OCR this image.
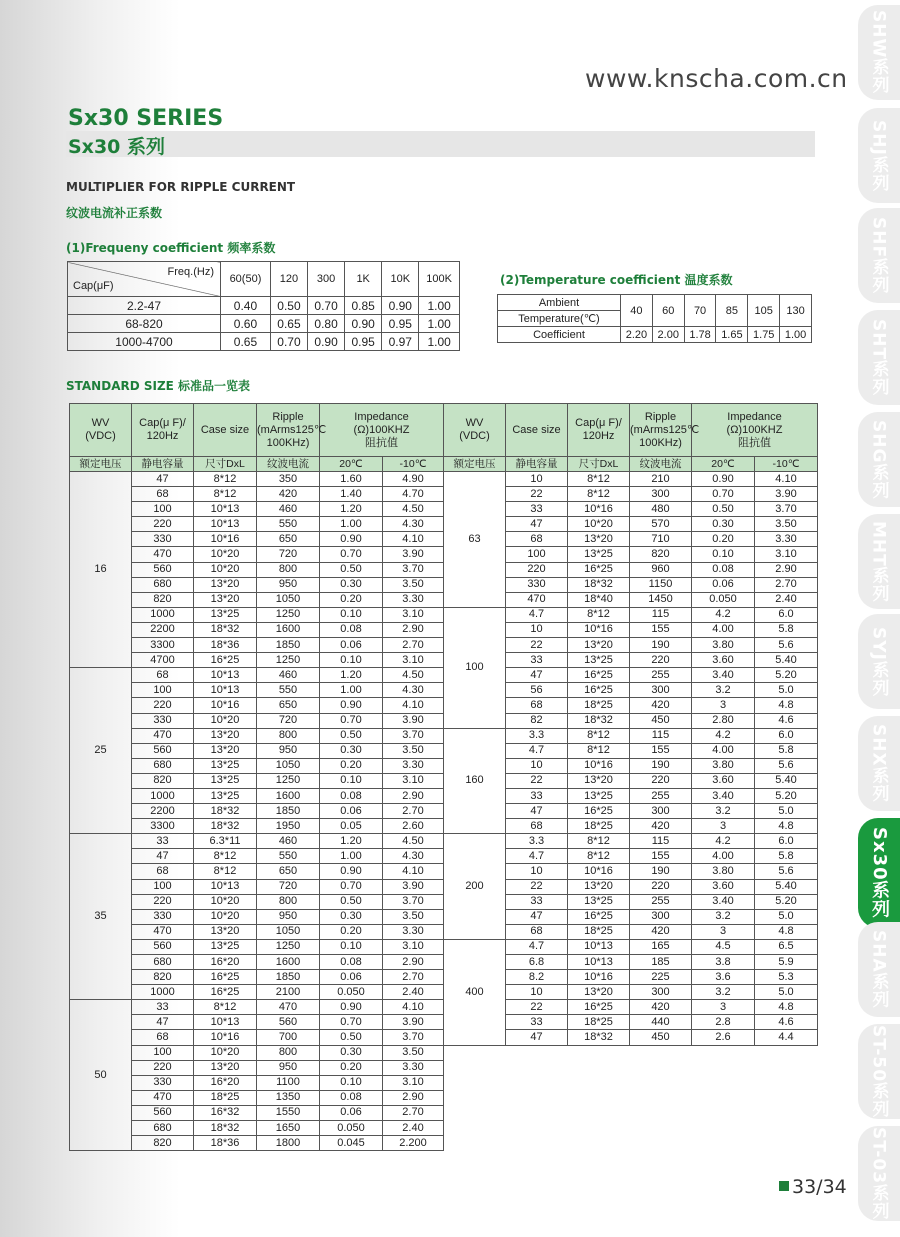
www.knscha.com.cn
Sx30 SERIES
Sx30 系列
MULTIPLIER FOR RIPPLE CURRENT
纹波电流补正系数
(1)Frequeny coefficient 频率系数
Freq.(Hz)
Cap(μF)	60(50)	120	300	1K	10K	100K
2.2-47	0.40	0.50	0.70	0.85	0.90	1.00
68-820	0.60	0.65	0.80	0.90	0.95	1.00
1000-4700	0.65	0.70	0.90	0.95	0.97	1.00
(2)Temperature coefficient 温度系数
Ambient	40	60	70	85	105	130
Temperature(℃)						
Coefficient	2.20	2.00	1.78	1.65	1.75	1.00
STANDARD SIZE 标准品一览表
WV
(VDC)	Cap(μ F)/
120Hz	Case size	Ripple
(mArms125℃
100KHz)	Impedance
(Ω)100KHZ
阻抗值		WV
(VDC)	Case size	Cap(μ F)/
120Hz	Ripple
(mArms125℃
100KHz)	Impedance
(Ω)100KHZ
阻抗值	
额定电压	静电容量	尺寸DxL	纹波电流	20℃	-10℃	额定电压	静电容量	尺寸DxL	纹波电流	20℃	-10℃
16	47	8*12	350	1.60	4.90	63	10	8*12	210	0.90	4.10
	68	8*12	420	1.40	4.70		22	8*12	300	0.70	3.90
	100	10*13	460	1.20	4.50		33	10*16	480	0.50	3.70
	220	10*13	550	1.00	4.30		47	10*20	570	0.30	3.50
	330	10*16	650	0.90	4.10		68	13*20	710	0.20	3.30
	470	10*20	720	0.70	3.90		100	13*25	820	0.10	3.10
	560	10*20	800	0.50	3.70		220	16*25	960	0.08	2.90
	680	13*20	950	0.30	3.50		330	18*32	1150	0.06	2.70
	820	13*20	1050	0.20	3.30		470	18*40	1450	0.050	2.40
	1000	13*25	1250	0.10	3.10	100	4.7	8*12	115	4.2	6.0
	2200	18*32	1600	0.08	2.90		10	10*16	155	4.00	5.8
	3300	18*36	1850	0.06	2.70		22	13*20	190	3.80	5.6
	4700	16*25	1250	0.10	3.10		33	13*25	220	3.60	5.40
25	68	10*13	460	1.20	4.50		47	16*25	255	3.40	5.20
	100	10*13	550	1.00	4.30		56	16*25	300	3.2	5.0
	220	10*16	650	0.90	4.10		68	18*25	420	3	4.8
	330	10*20	720	0.70	3.90		82	18*32	450	2.80	4.6
	470	13*20	800	0.50	3.70	160	3.3	8*12	115	4.2	6.0
	560	13*20	950	0.30	3.50		4.7	8*12	155	4.00	5.8
	680	13*25	1050	0.20	3.30		10	10*16	190	3.80	5.6
	820	13*25	1250	0.10	3.10		22	13*20	220	3.60	5.40
	1000	13*25	1600	0.08	2.90		33	13*25	255	3.40	5.20
	2200	18*32	1850	0.06	2.70		47	16*25	300	3.2	5.0
	3300	18*32	1950	0.05	2.60		68	18*25	420	3	4.8
35	33	6.3*11	460	1.20	4.50	200	3.3	8*12	115	4.2	6.0
	47	8*12	550	1.00	4.30		4.7	8*12	155	4.00	5.8
	68	8*12	650	0.90	4.10		10	10*16	190	3.80	5.6
	100	10*13	720	0.70	3.90		22	13*20	220	3.60	5.40
	220	10*20	800	0.50	3.70		33	13*25	255	3.40	5.20
	330	10*20	950	0.30	3.50		47	16*25	300	3.2	5.0
	470	13*20	1050	0.20	3.30		68	18*25	420	3	4.8
	560	13*25	1250	0.10	3.10	400	4.7	10*13	165	4.5	6.5
	680	16*20	1600	0.08	2.90		6.8	10*13	185	3.8	5.9
	820	16*25	1850	0.06	2.70		8.2	10*16	225	3.6	5.3
	1000	16*25	2100	0.050	2.40		10	13*20	300	3.2	5.0
50	33	8*12	470	0.90	4.10		22	16*25	420	3	4.8
	47	10*13	560	0.70	3.90		33	18*25	440	2.8	4.6
	68	10*16	700	0.50	3.70		47	18*32	450	2.6	4.4
	100	10*20	800	0.30	3.50						
	220	13*20	950	0.20	3.30						
	330	16*20	1100	0.10	3.10						
	470	18*25	1350	0.08	2.90						
	560	16*32	1550	0.06	2.70						
	680	18*32	1650	0.050	2.40						
	820	18*36	1800	0.045	2.200						
SHW系列
SHJ系列
SHF系列
SHT系列
SHG系列
MHT系列
SYJ系列
SHX系列
Sx30系列
SHA系列
ST-50系列
ST-03系列
33/34
